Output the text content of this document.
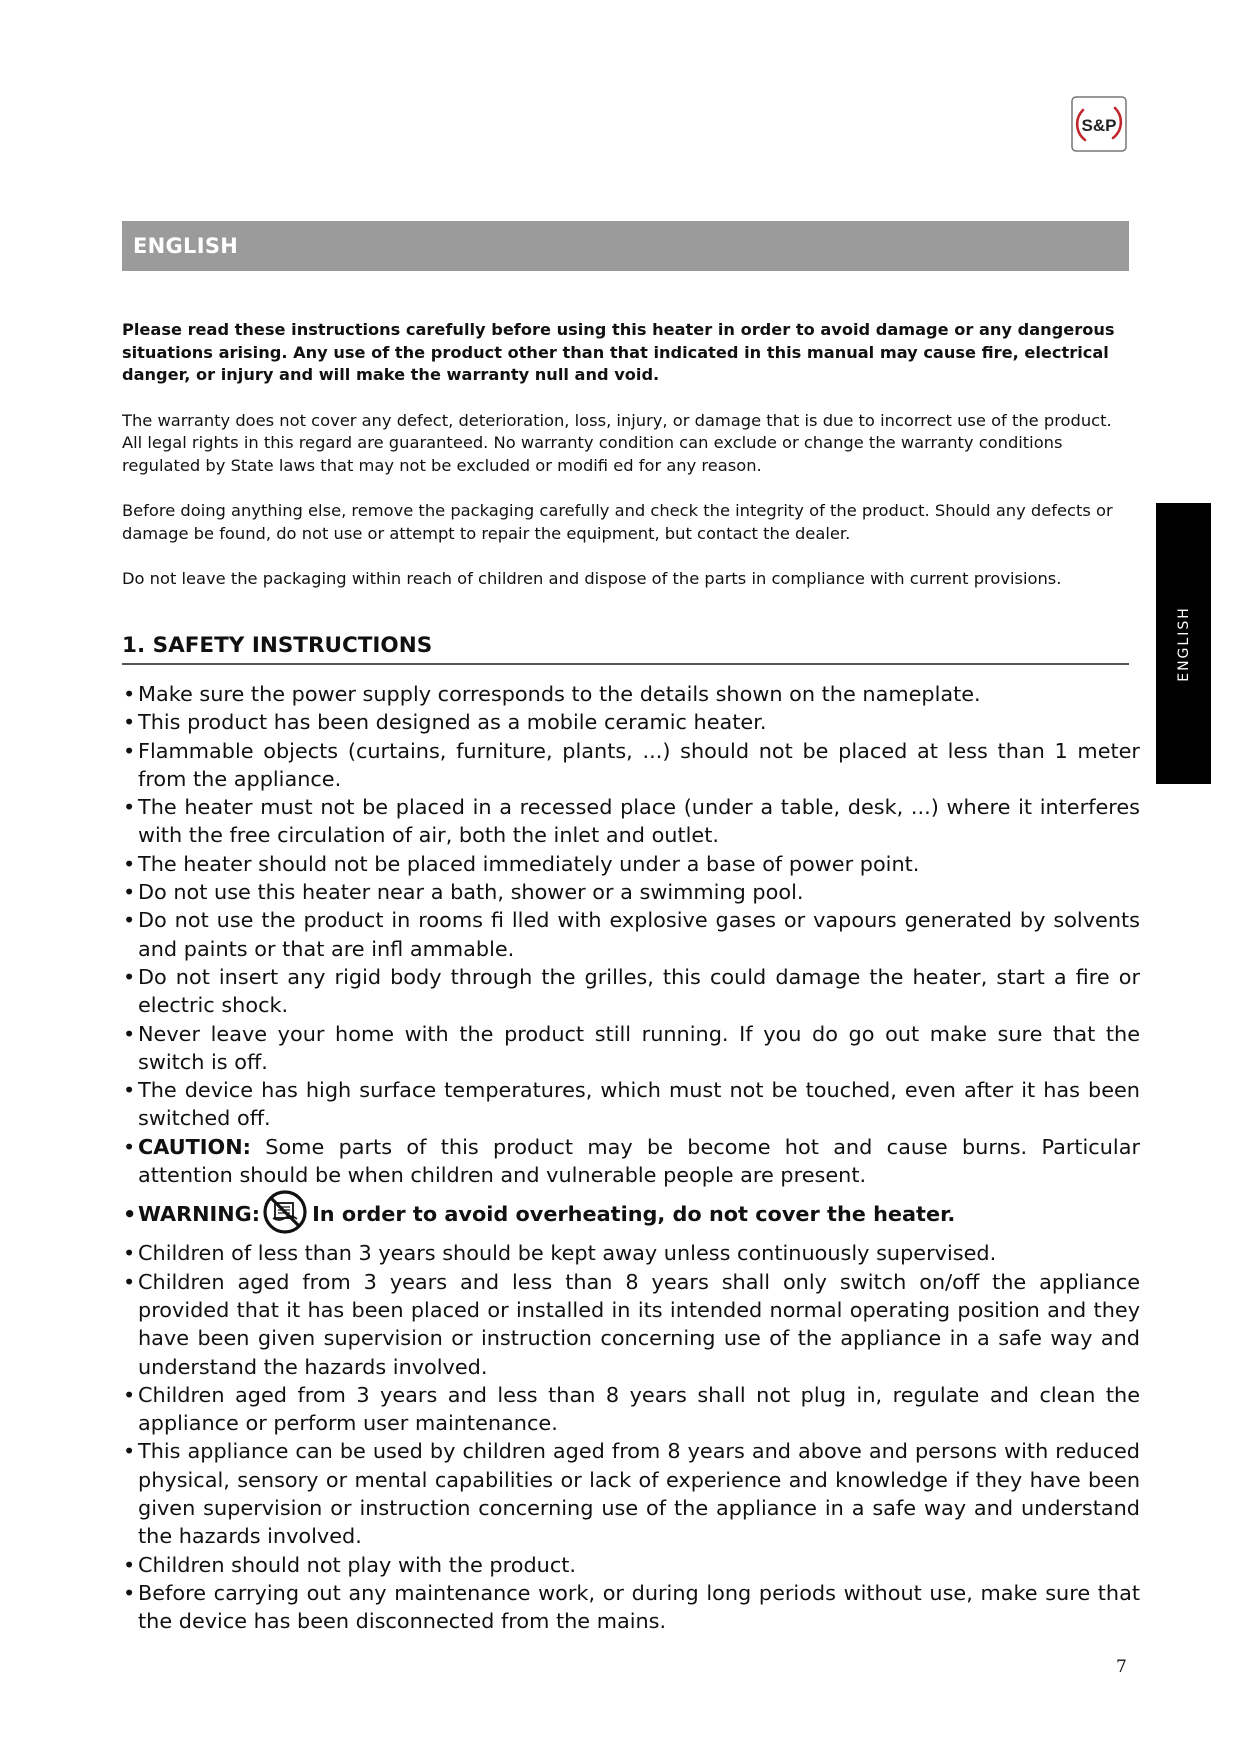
S&P
ENGLISH
ENGLISH

Please read these instructions carefully before using this heater in order to avoid damage or any dangerous situations arising. Any use of the product other than that indicated in this manual may cause fire, electrical danger, or injury and will make the warranty null and void.

The warranty does not cover any defect, deterioration, loss, injury, or damage that is due to incorrect use of the product. All legal rights in this regard are guaranteed. No warranty condition can exclude or change the warranty conditions regulated by State laws that may not be excluded or modifi ed for any reason.

Before doing anything else, remove the packaging carefully and check the integrity of the product. Should any defects or damage be found, do not use or attempt to repair the equipment, but contact the dealer.

Do not leave the packaging within reach of children and dispose of the parts in compliance with current provisions.

1. SAFETY INSTRUCTIONS
• Make sure the power supply corresponds to the details shown on the nameplate.
• This product has been designed as a mobile ceramic heater.
• Flammable objects (curtains, furniture, plants, ...) should not be placed at less than 1 meter from the appliance.
• The heater must not be placed in a recessed place (under a table, desk, ...) where it interferes with the free circulation of air, both the inlet and outlet.
• The heater should not be placed immediately under a base of power point.
• Do not use this heater near a bath, shower or a swimming pool.
• Do not use the product in rooms fi lled with explosive gases or vapours generated by solvents and paints or that are infl ammable.
• Do not insert any rigid body through the grilles, this could damage the heater, start a fire or electric shock.
• Never leave your home with the product still running. If you do go out make sure that the switch is off.
• The device has high surface temperatures, which must not be touched, even after it has been switched off.
• CAUTION: Some parts of this product may be become hot and cause burns. Particular attention should be when children and vulnerable people are present.
• WARNING:	In order to avoid overheating, do not cover the heater.
• Children of less than 3 years should be kept away unless continuously supervised.
• Children aged from 3 years and less than 8 years shall only switch on/off the appliance provided that it has been placed or installed in its intended normal operating position and they have been given supervision or instruction concerning use of the appliance in a safe way and understand the hazards involved.
• Children aged from 3 years and less than 8 years shall not plug in, regulate and clean the appliance or perform user maintenance.
• This appliance can be used by children aged from 8 years and above and persons with reduced physical, sensory or mental capabilities or lack of experience and knowledge if they have been given supervision or instruction concerning use of the appliance in a safe way and understand the hazards involved.
• Children should not play with the product.
• Before carrying out any maintenance work, or during long periods without use, make sure that the device has been disconnected from the mains.
7
